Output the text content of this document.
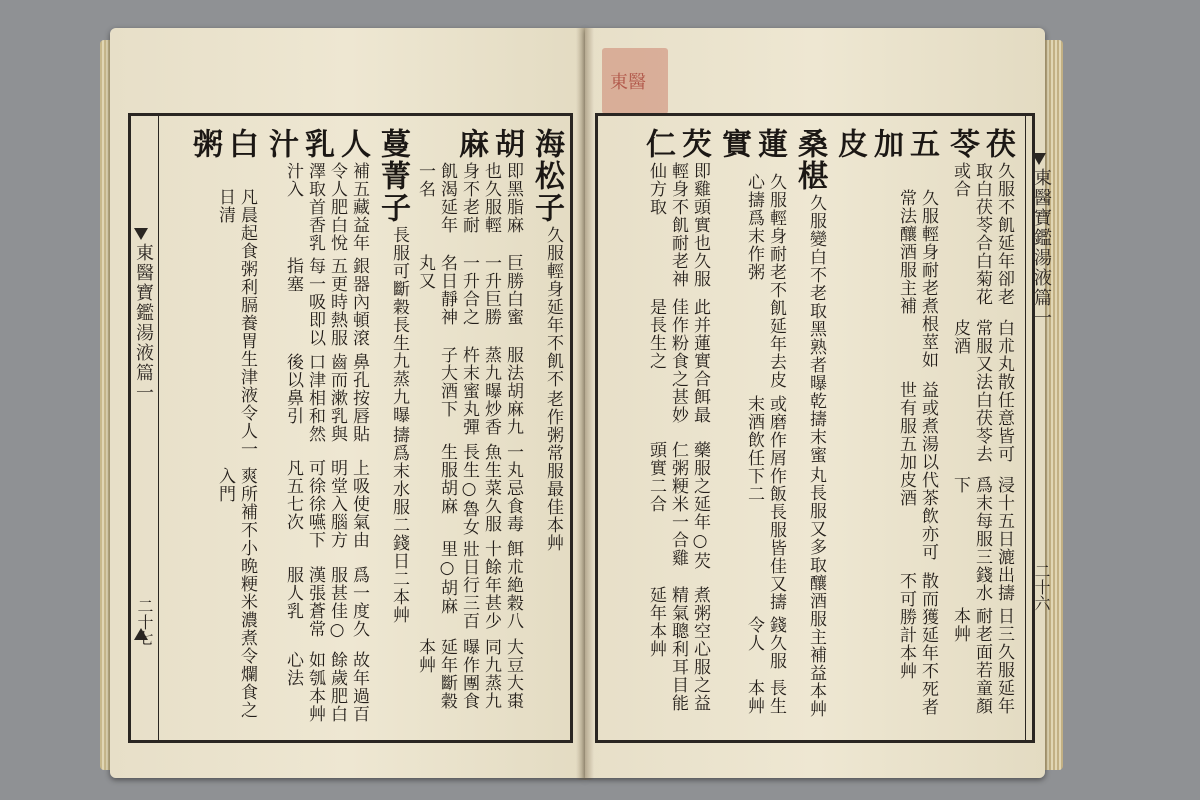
東醫
東醫寶鑑湯液篇一	東醫寶鑑湯液篇一
二十七
二十六
茯苓
久服不飢延年卻老取白茯苓合白菊花或合
白朮丸散任意皆可常服又法白茯苓去皮酒
浸十五日漉出擣爲末每服三錢水下
日三久服延年耐老面若童顏本艸
五加皮
久服輕身耐老煮根莖如常法釀酒服主補
益或煮湯以代茶飲亦可世有服五加皮酒
散而獲延年不死者不可勝計本艸
桑椹
久服變白不老取黑熟者曝乾擣末蜜
丸長服又多取釀酒服主補益本艸
蓮實
久服輕身耐老不飢延年去皮心擣爲末作粥
或磨作屑作飯長服皆佳又擣末酒飲任下二
錢久服令人
長生本艸
芡仁
即雞頭實也久服輕身不飢耐老神仙方取
此并蓮實合餌最佳作粉食之甚妙是長生之
藥服之延年○芡仁粥粳米一合雞頭實二合
煮粥空心服之益精氣聰利耳目能延年本艸
海松子
久服輕身延年不飢不
老作粥常服最佳本艸
胡麻
即黑脂麻也久服輕身不老耐飢渴延年一名
巨勝白蜜一升巨勝一升合之名日靜神丸又
服法胡麻九蒸九曝炒香杵末蜜丸彈子大酒下
一丸忌食毒魚生菜久服長生○魯女生服胡麻
餌朮絶穀八十餘年甚少壯日行三百里○胡麻
大豆大棗同九蒸九曝作團食延年斷穀本艸
蔓菁子
長服可斷穀長生九蒸九曝
擣爲末水服二錢日二本艸
人乳汁
補五藏益年令人肥白悅澤取首香乳汁入
銀器內頓滾五更時熱服每一吸即以指塞
鼻孔按唇貼齒而漱乳與口津相和然後以鼻引
上吸使氣由明堂入腦方可徐徐嚥下凡五七次
爲一度久服甚佳○漢張蒼常服人乳
故年過百餘歲肥白如瓠本艸心法
白粥
凡晨起食粥利膈養胃生津液令人一日清
爽所補不小晩粳米濃煮令爛食之入門
